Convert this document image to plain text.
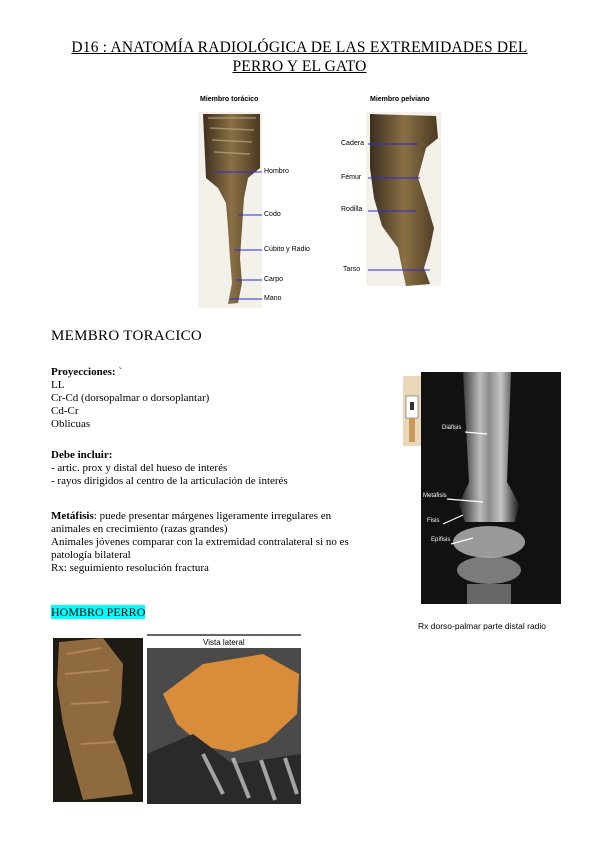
D16 : ANATOMÍA RADIOLÓGICA DE LAS EXTREMIDADES DEL
PERRO Y EL GATO
Miembro torácico	Miembro pelviano
Hombro
Codo
Cúbito y Radio
Carpo
Mano
Cadera
Fémur
Rodilla
Tarso
MEMBRO TORACICO
Proyecciones: `
LL
Cr-Cd (dorsopalmar o dorsoplantar)
Cd-Cr
Oblicuas
Debe incluir:
- artic. prox y distal del hueso de interés
- rayos dirigidos al centro de la articulación de interés
Metáfisis: puede presentar márgenes ligeramente irregulares en
animales en crecimiento (razas grandes)
Animales jóvenes comparar con la extremidad contralateral si no es
patología bilateral
Rx: seguimiento resolución fractura
Diáfisis
Metáfisis
Fisis
Epífisis
Rx dorso-palmar parte distal radio
HOMBRO PERRO
Vista lateral
